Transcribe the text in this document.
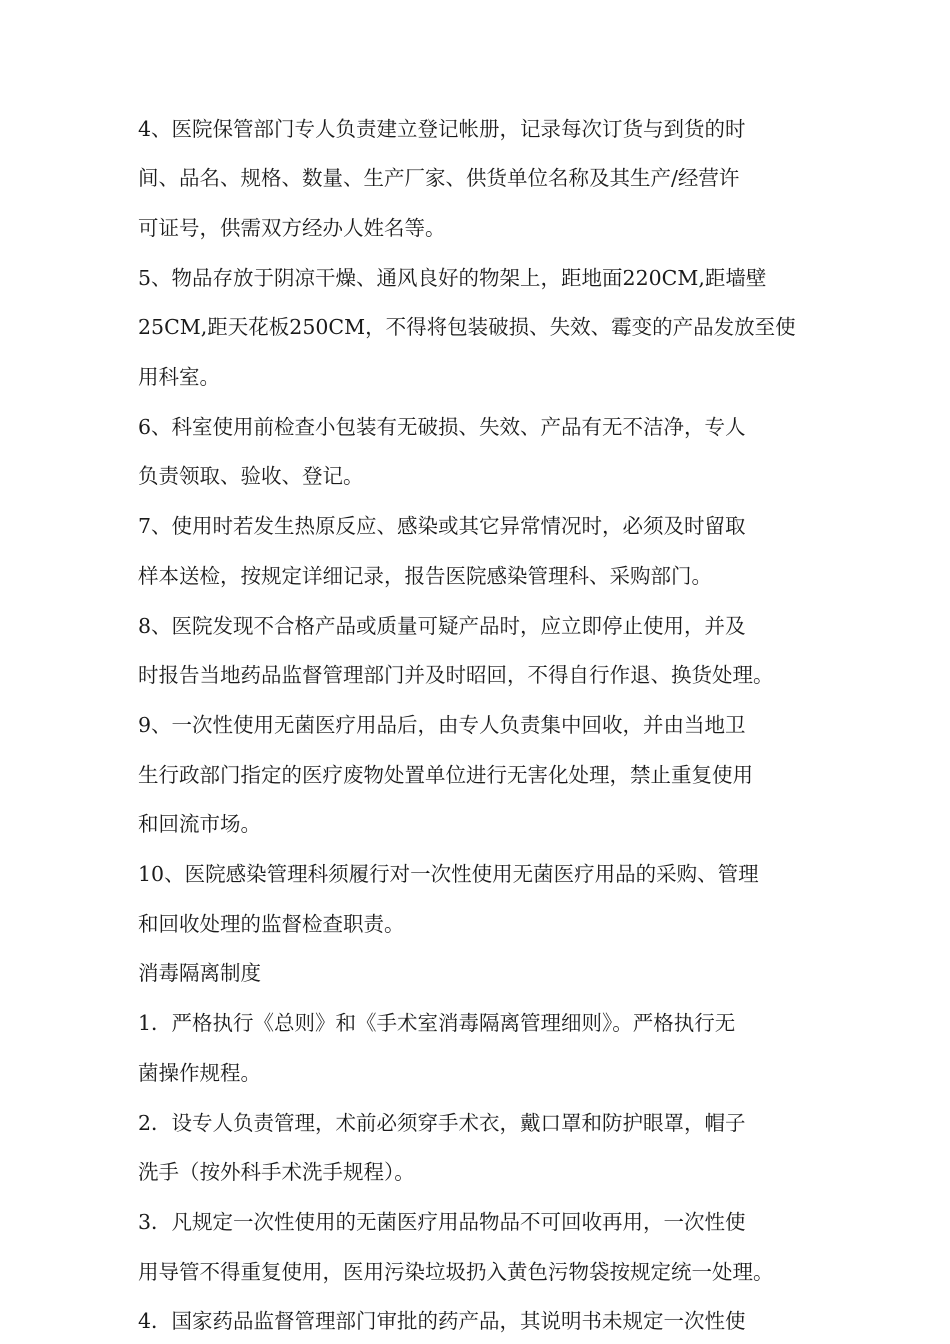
4、医院保管部门专人负责建立登记帐册，记录每次订货与到货的时
间、品名、规格、数量、生产厂家、供货单位名称及其生产/经营许
可证号，供需双方经办人姓名等。
5、物品存放于阴凉干燥、通风良好的物架上，距地面220CM,距墙壁
25CM,距天花板250CM，不得将包装破损、失效、霉变的产品发放至使
用科室。
6、科室使用前检查小包装有无破损、失效、产品有无不洁净，专人
负责领取、验收、登记。
7、使用时若发生热原反应、感染或其它异常情况时，必须及时留取
样本送检，按规定详细记录，报告医院感染管理科、采购部门。
8、医院发现不合格产品或质量可疑产品时，应立即停止使用，并及
时报告当地药品监督管理部门并及时昭回，不得自行作退、换货处理。
9、一次性使用无菌医疗用品后，由专人负责集中回收，并由当地卫
生行政部门指定的医疗废物处置单位进行无害化处理，禁止重复使用
和回流市场。
10、医院感染管理科须履行对一次性使用无菌医疗用品的采购、管理
和回收处理的监督检查职责。
消毒隔离制度
1．严格执行《总则》和《手术室消毒隔离管理细则》。严格执行无
菌操作规程。
2．设专人负责管理，术前必须穿手术衣，戴口罩和防护眼罩，帽子
洗手（按外科手术洗手规程）。
3．凡规定一次性使用的无菌医疗用品物品不可回收再用，一次性使
用导管不得重复使用，医用污染垃圾扔入黄色污物袋按规定统一处理。
4．国家药品监督管理部门审批的药产品，其说明书未规定一次性使
